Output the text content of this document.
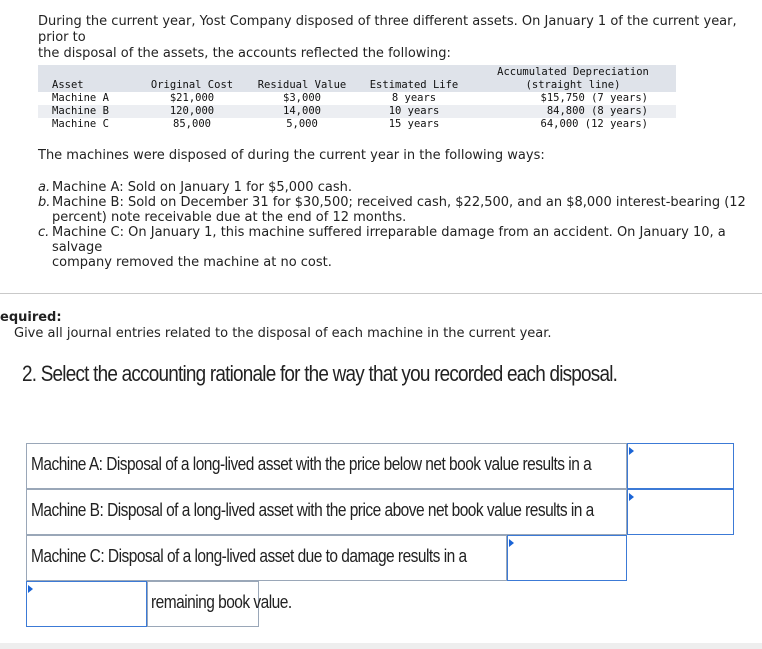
During the current year, Yost Company disposed of three different assets. On January 1 of the current year, prior to

the disposal of the assets, the accounts reflected the following:

Accumulated Depreciation
Asset	Original Cost	Residual Value	Estimated Life	(straight line)
Machine A	$21,000	$3,000	8 years	$15,750 (7 years)
Machine B	120,000	14,000	10 years	84,800 (8 years)
Machine C	85,000	5,000	15 years	64,000 (12 years)

The machines were disposed of during the current year in the following ways:

a. Machine A: Sold on January 1 for $5,000 cash.
b. Machine B: Sold on December 31 for $30,500; received cash, $22,500, and an $8,000 interest-bearing (12
percent) note receivable due at the end of 12 months.
c. Machine C: On January 1, this machine suffered irreparable damage from an accident. On January 10, a salvage
company removed the machine at no cost.
equired:
Give all journal entries related to the disposal of each machine in the current year.
2. Select the accounting rationale for the way that you recorded each disposal.
Machine A: Disposal of a long-lived asset with the price below net book value results in a
Machine B: Disposal of a long-lived asset with the price above net book value results in a
Machine C: Disposal of a long-lived asset due to damage results in a
remaining book value.
